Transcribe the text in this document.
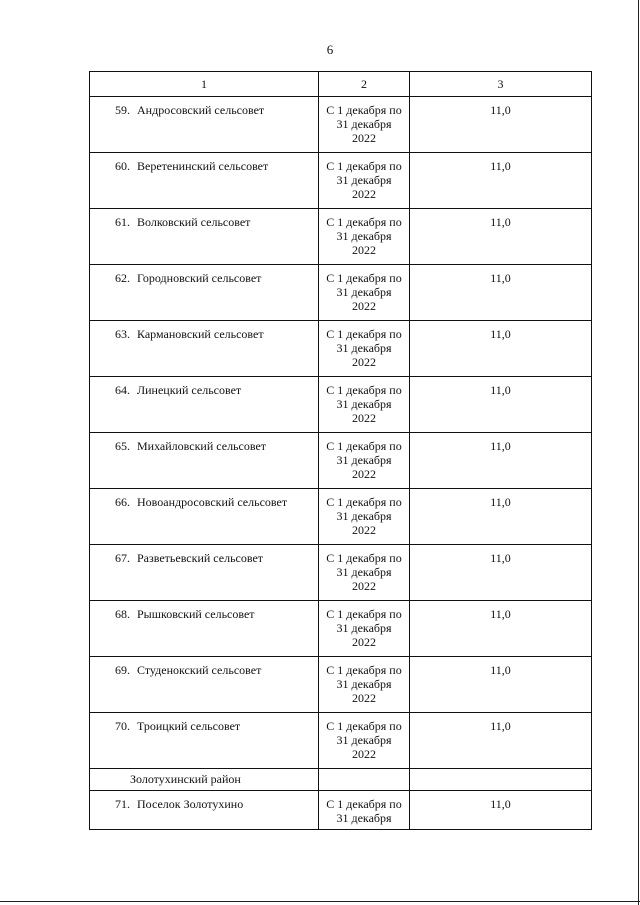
6
1	2	3

59. Андросовский сельсовет	С 1 декабря по
31 декабря
2022	11,0

60. Веретенинский сельсовет	С 1 декабря по
31 декабря
2022	11,0

61. Волковский сельсовет	С 1 декабря по
31 декабря
2022	11,0

62. Городновский сельсовет	С 1 декабря по
31 декабря
2022	11,0

63. Кармановский сельсовет	С 1 декабря по
31 декабря
2022	11,0

64. Линецкий сельсовет	С 1 декабря по
31 декабря
2022	11,0

65. Михайловский сельсовет	С 1 декабря по
31 декабря
2022	11,0

66. Новоандросовский сельсовет	С 1 декабря по
31 декабря
2022	11,0

67. Разветьевский сельсовет	С 1 декабря по
31 декабря
2022	11,0

68. Рышковский сельсовет	С 1 декабря по
31 декабря
2022	11,0

69. Студенокский сельсовет	С 1 декабря по
31 декабря
2022	11,0

70. Троицкий сельсовет	С 1 декабря по
31 декабря
2022	11,0

Золотухинский район		

71. Поселок Золотухино	С 1 декабря по
31 декабря	11,0
